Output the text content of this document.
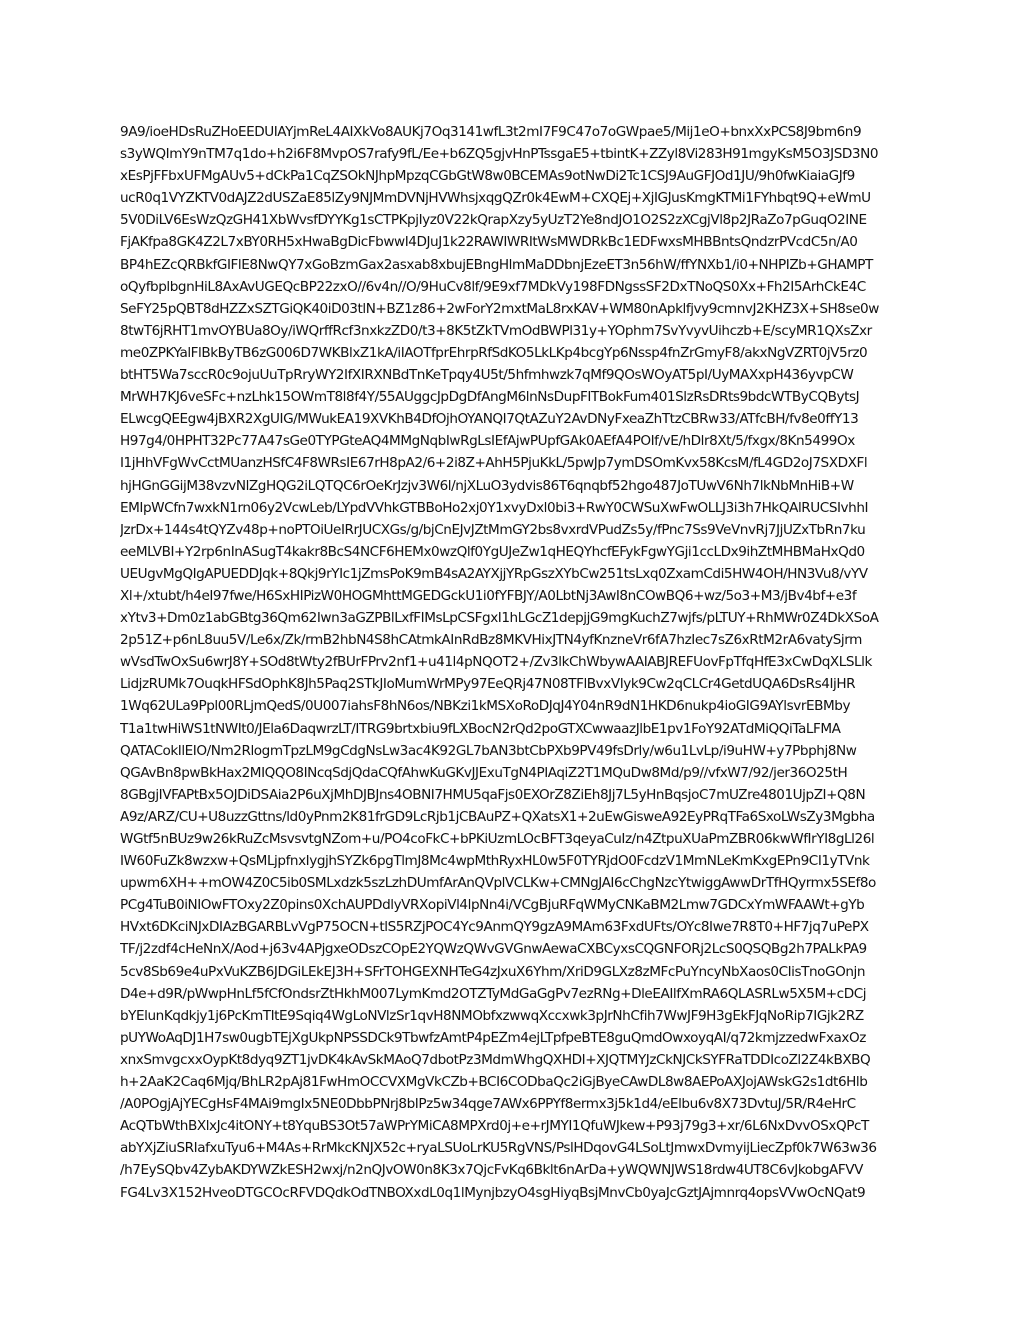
9A9/ioeHDsRuZHoEEDUIAYjmReL4AIXkVo8AUKj7Oq3141wfL3t2mI7F9C47o7oGWpae5/Mij1eO+bnxXxPCS8J9bm6n9
s3yWQImY9nTM7q1do+h2i6F8MvpOS7rafy9fL/Ee+b6ZQ5gjvHnPTssgaE5+tbintK+ZZyl8Vi283H91mgyKsM5O3JSD3N0
xEsPjFFbxUFMgAUv5+dCkPa1CqZSOkNJhpMpzqCGbGtW8w0BCEMAs9otNwDi2Tc1CSJ9AuGFJOd1JU/9h0fwKiaiaGJf9
ucR0q1VYZKTV0dAJZ2dUSZaE85lZy9NJMmDVNjHVWhsjxqgQZr0k4EwM+CXQEj+XjIGJusKmgKTMi1FYhbqt9Q+eWmU
5V0DiLV6EsWzQzGH41XbWvsfDYYKg1sCTPKpjIyz0V22kQrapXzy5yUzT2Ye8ndJO1O2S2zXCgjVl8p2JRaZo7pGuqO2INE
FjAKfpa8GK4Z2L7xBY0RH5xHwaBgDicFbwwI4DJuJ1k22RAWIWRItWsMWDRkBc1EDFwxsMHBBntsQndzrPVcdC5n/A0
BP4hEZcQRBkfGIFlE8NwQY7xGoBzmGax2asxab8xbujEBngHlmMaDDbnjEzeET3n56hW/ffYNXb1/i0+NHPIZb+GHAMPT
oQyfbplbgnHiL8AxAvUGEQcBP22zxO//6v4n//O/9HuCv8lf/9E9xf7MDkVy198FDNgssSF2DxTNoQS0Xx+Fh2I5ArhCkE4C
SeFY25pQBT8dHZZxSZTGiQK40iD03tlN+BZ1z86+2wForY2mxtMaL8rxKAV+WM80nApklfjvy9cmnvJ2KHZ3X+SH8se0w
8twT6jRHT1mvOYBUa8Oy/iWQrffRcf3nxkzZD0/t3+8K5tZkTVmOdBWPl31y+YOphm7SvYvyvUihczb+E/scyMR1QXsZxr
me0ZPKYalFlBkByTB6zG006D7WKBlxZ1kA/iIAOTfprEhrpRfSdKO5LkLKp4bcgYp6Nssp4fnZrGmyF8/akxNgVZRT0jV5rz0
btHT5Wa7sccR0c9ojuUuTpRryWY2IfXIRXNBdTnKeTpqy4U5t/5hfmhwzk7qMf9QOsWOyAT5pI/UyMAXxpH436yvpCW
MrWH7KJ6veSFc+nzLhk15OWmT8l8f4Y/55AUggcJpDgDfAngM6lnNsDupFITBokFum401SlzRsDRts9bdcWTByCQBytsJ
ELwcgQEEgw4jBXR2XgUIG/MWukEA19XVKhB4DfOjhOYANQI7QtAZuY2AvDNyFxeaZhTtzCBRw33/ATfcBH/fv8e0ffY13
H97g4/0HPHT32Pc77A47sGe0TYPGteAQ4MMgNqbIwRgLsIEfAjwPUpfGAk0AEfA4POIf/vE/hDlr8Xt/5/fxgx/8Kn5499Ox
I1jHhVFgWvCctMUanzHSfC4F8WRsIE67rH8pA2/6+2i8Z+AhH5PjuKkL/5pwJp7ymDSOmKvx58KcsM/fL4GD2oJ7SXDXFl
hjHGnGGijM38vzvNlZgHQG2iLQTQC6rOeKrJzjv3W6l/njXLuO3ydvis86T6qnqbf52hgo487JoTUwV6Nh7lkNbMnHiB+W
EMIpWCfn7wxkN1rn06y2VcwLeb/LYpdVVhkGTBBoHo2xj0Y1xvyDxl0bi3+RwY0CWSuXwFwOLLJ3i3h7HkQAlRUCSIvhhI
JzrDx+144s4tQYZv48p+noPTOiUeIRrJUCXGs/g/bjCnEJvJZtMmGY2bs8vxrdVPudZs5y/fPnc7Ss9VeVnvRj7JjUZxTbRn7ku
eeMLVBI+Y2rp6nInASugT4kakr8BcS4NCF6HEMx0wzQlf0YgUJeZw1qHEQYhcfEFykFgwYGji1ccLDx9ihZtMHBMaHxQd0
UEUgvMgQIgAPUEDDJqk+8Qkj9rYIc1jZmsPoK9mB4sA2AYXjjYRpGszXYbCw251tsLxq0ZxamCdi5HW4OH/HN3Vu8/vYV
Xl+/xtubt/h4eI97fwe/H6SxHIPizW0HOGMhttMGEDGckU1i0fYFBJY/A0LbtNj3AwI8nCOwBQ6+wz/5o3+M3/jBv4bf+e3f
xYtv3+Dm0z1abGBtg36Qm62Iwn3aGZPBlLxfFIMsLpCSFgxI1hLGcZ1depjjG9mgKuchZ7wjfs/pLTUY+RhMWr0Z4DkXSoA
2p51Z+p6nL8uu5V/Le6x/Zk/rmB2hbN4S8hCAtmkAInRdBz8MKVHixJTN4yfKnzneVr6fA7hzIec7sZ6xRtM2rA6vatySjrm
wVsdTwOxSu6wrJ8Y+SOd8tWty2fBUrFPrv2nf1+u41l4pNQOT2+/Zv3lkChWbywAAIABJREFUovFpTfqHfE3xCwDqXLSLlk
LidjzRUMk7OuqkHFSdOphK8Jh5Paq2STkJIoMumWrMPy97EeQRj47N08TFlBvxVIyk9Cw2qCLCr4GetdUQA6DsRs4IjHR
1Wq62ULa9Ppl00RLjmQedS/0U007iahsF8hN6os/NBKzi1kMSXoRoDJqJ4Y04nR9dN1HKD6nukp4ioGIG9AYlsvrEBMby
T1a1twHiWS1tNWIt0/JEla6DaqwrzLT/ITRG9brtxbiu9fLXBocN2rQd2poGTXCwwaazJlbE1pv1FoY92ATdMiQQiTaLFMA
QATACokIlEIO/Nm2RlogmTpzLM9gCdgNsLw3ac4K92GL7bAN3btCbPXb9PV49fsDrly/w6u1LvLp/i9uHW+y7Pbphj8Nw
QGAvBn8pwBkHax2MIQQO8INcqSdjQdaCQfAhwKuGKvJJExuTgN4PIAqiZ2T1MQuDw8Md/p9//vfxW7/92/jer36O25tH
8GBgjIVFAPtBx5OJDiDSAia2P6uXjMhDJBJns4OBNI7HMU5qaFjs0EXOrZ8ZiEh8Jj7L5yHnBqsjoC7mUZre4801UjpZI+Q8N
A9z/ARZ/CU+U8uzzGttns/ld0yPnm2K81frGD9LcRjb1jCBAuPZ+QXatsX1+2uEwGisweA92EyPRqTFa6SxoLWsZy3Mgbha
WGtf5nBUz9w26kRuZcMsvsvtgNZom+u/PO4coFkC+bPKiUzmLOcBFT3qeyaCuIz/n4ZtpuXUaPmZBR06kwWfIrYI8gLl26l
IW60FuZk8wzxw+QsMLjpfnxIygjhSYZk6pgTlmJ8Mc4wpMthRyxHL0w5F0TYRjdO0FcdzV1MmNLeKmKxgEPn9CI1yTVnk
upwm6XH++mOW4Z0C5ib0SMLxdzk5szLzhDUmfArAnQVplVCLKw+CMNgJAI6cChgNzcYtwiggAwwDrTfHQyrmx5SEf8o
PCg4TuB0iNIOwFTOxy2Z0pins0XchAUPDdlyVRXopiVl4lpNn4i/VCgBjuRFqWMyCNKaBM2Lmw7GDCxYmWFAAWt+gYb
HVxt6DKciNJxDIAzBGARBLvVgP75OCN+tlS5RZjPOC4Yc9AnmQY9gzA9MAm63FxdUFts/OYc8Iwe7R8T0+HF7jq7uPePX
TF/j2zdf4cHeNnX/Aod+j63v4APjgxeODszCOpE2YQWzQWvGVGnwAewaCXBCyxsCQGNFORj2LcS0QSQBg2h7PALkPA9
5cv8Sb69e4uPxVuKZB6JDGiLEkEJ3H+SFrTOHGEXNHTeG4zJxuX6Yhm/XriD9GLXz8zMFcPuYncyNbXaos0CIisTnoGOnjn
D4e+d9R/pWwpHnLf5fCfOndsrZtHkhM007LymKmd2OTZTyMdGaGgPv7ezRNg+DleEAIlfXmRA6QLASRLw5X5M+cDCj
bYElunKqdkjy1j6PcKmTItE9Sqiq4WgLoNVlzSr1qvH8NMObfxzwwqXccxwk3pJrNhCfih7WwJF9H3gEkFJqNoRip7IGjk2RZ
pUYWoAqDJ1H7sw0ugbTEjXgUkpNPSSDCk9TbwfzAmtP4pEZm4ejLTpfpeBTE8guQmdOwxoyqAI/q72kmjzzedwFxaxOz
xnxSmvgcxxOypKt8dyq9ZT1jvDK4kAvSkMAoQ7dbotPz3MdmWhgQXHDI+XJQTMYJzCkNJCkSYFRaTDDIcoZl2Z4kBXBQ
h+2AaK2Caq6Mjq/BhLR2pAj81FwHmOCCVXMgVkCZb+BCI6CODbaQc2iGjByeCAwDL8w8AEPoAXJojAWskG2s1dt6Hlb
/A0POgjAjYECgHsF4MAi9mgIx5NE0DbbPNrj8bIPz5w34qge7AWx6PPYf8ermx3j5k1d4/eElbu6v8X73DvtuJ/5R/R4eHrC
AcQTbWthBXlxJc4itONY+t8YquBS3Ot57aWPrYMiCA8MPXrd0j+e+rJMYI1QfuWJkew+P93j79g3+xr/6L6NxDvvOSxQPcT
abYXjZiuSRIafxuTyu6+M4As+RrMkcKNJX52c+ryaLSUoLrKU5RgVNS/PslHDqovG4LSoLtJmwxDvmyijLiecZpf0k7W63w36
/h7EySQbv4ZybAKDYWZkESH2wxj/n2nQJvOW0n8K3x7QjcFvKq6Bklt6nArDa+yWQWNJWS18rdw4UT8C6vJkobgAFVV
FG4Lv3X152HveoDTGCOcRFVDQdkOdTNBOXxdL0q1lMynjbzyO4sgHiyqBsjMnvCb0yaJcGztJAjmnrq4opsVVwOcNQat9
